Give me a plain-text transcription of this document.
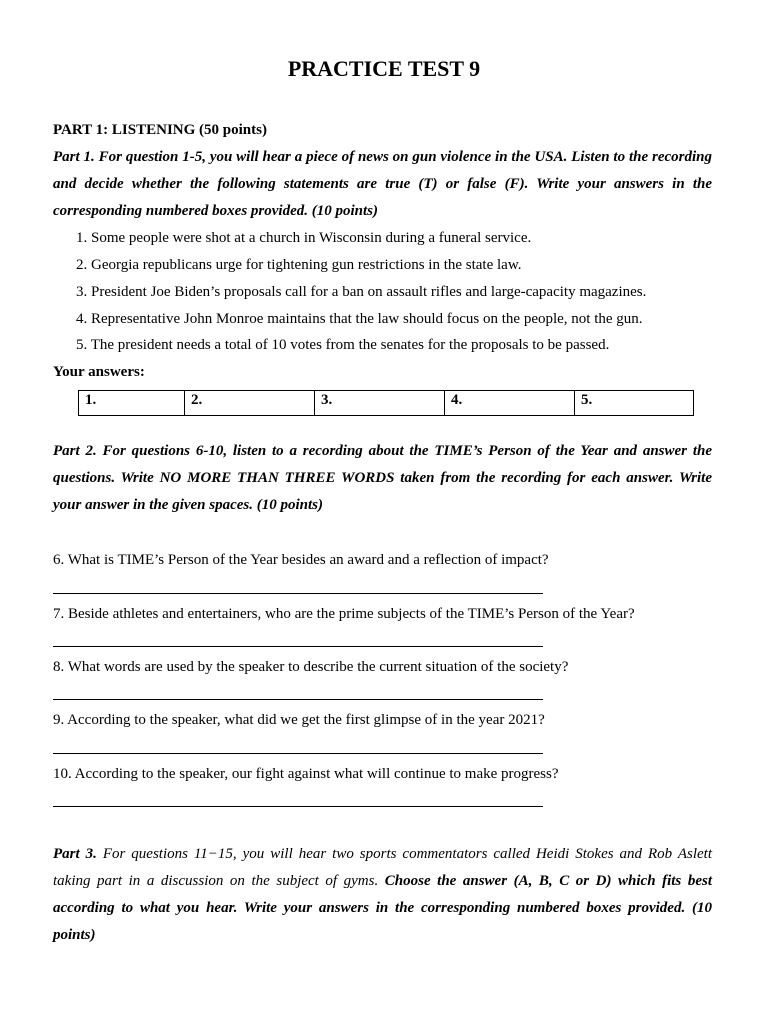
PRACTICE TEST 9
PART 1: LISTENING (50 points)
Part 1. For question 1-5, you will hear a piece of news on gun violence in the USA. Listen to the recording and decide whether the following statements are true (T) or false (F). Write your answers in the corresponding numbered boxes provided. (10 points)
1. Some people were shot at a church in Wisconsin during a funeral service.
2. Georgia republicans urge for tightening gun restrictions in the state law.
3. President Joe Biden’s proposals call for a ban on assault rifles and large-capacity magazines.
4. Representative John Monroe maintains that the law should focus on the people, not the gun.
5. The president needs a total of 10 votes from the senates for the proposals to be passed.
Your answers:
1.	2.	3.	4.	5.
Part 2. For questions 6-10, listen to a recording about the TIME’s Person of the Year and answer the questions. Write NO MORE THAN THREE WORDS taken from the recording for each answer. Write your answer in the given spaces. (10 points)
6. What is TIME’s Person of the Year besides an award and a reflection of impact?
7. Beside athletes and entertainers, who are the prime subjects of the TIME’s Person of the Year?
8. What words are used by the speaker to describe the current situation of the society?
9. According to the speaker, what did we get the first glimpse of in the year 2021?
10. According to the speaker, our fight against what will continue to make progress?
Part 3. For questions 11−15, you will hear two sports commentators called Heidi Stokes and Rob Aslett taking part in a discussion on the subject of gyms. Choose the answer (A, B, C or D) which fits best according to what you hear. Write your answers in the corresponding numbered boxes provided. (10 points)
